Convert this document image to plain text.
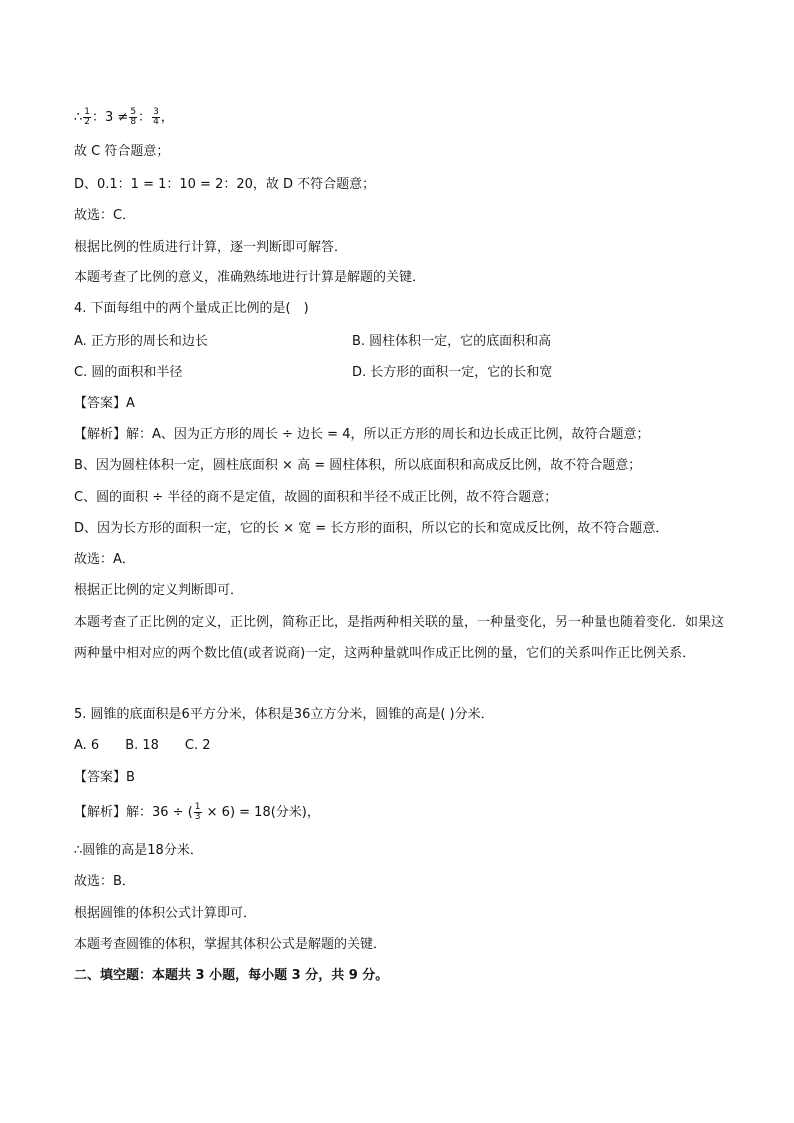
∴ $\frac{1}{2}$ ：$3 \ne \frac{5}{8}$ ： $\frac{3}{4}$ ，
故 C 符合题意；
D、0.1：1 = 1：10 = 2：20，故 D 不符合题意；
故选：C．
根据比例的性质进行计算，逐一判断即可解答．
本题考查了比例的意义，准确熟练地进行计算是解题的关键．
4. 下面每组中的两个量成正比例的是(　)
A. 正方形的周长和边长	B. 圆柱体积一定，它的底面积和高
C. 圆的面积和半径	D. 长方形的面积一定，它的长和宽
【答案】A
【解析】解：A、因为正方形的周长 ÷ 边长 = 4，所以正方形的周长和边长成正比例，故符合题意；
B、因为圆柱体积一定，圆柱底面积 × 高 = 圆柱体积，所以底面积和高成反比例，故不符合题意；
C、圆的面积 ÷ 半径的商不是定值，故圆的面积和半径不成正比例，故不符合题意；
D、因为长方形的面积一定，它的长 × 宽 = 长方形的面积，所以它的长和宽成反比例，故不符合题意．
故选：A．
根据正比例的定义判断即可．
本题考查了正比例的定义，正比例，简称正比，是指两种相关联的量，一种量变化，另一种量也随着变化．如果这两种量中相对应的两个数比值(或者说商)一定，这两种量就叫作成正比例的量，它们的关系叫作正比例关系．
5. 圆锥的底面积是6平方分米，体积是36立方分米，圆锥的高是( )分米．
A. 6　　B. 18　　C. 2
【答案】B
【解析】解：36 ÷ ( $\frac{1}{3} \times 6) = 18$(分米)，
∴圆锥的高是18分米．
故选：B．
根据圆锥的体积公式计算即可．
本题考查圆锥的体积，掌握其体积公式是解题的关键．
二、填空题：本题共 3 小题，每小题 3 分，共 9 分。
